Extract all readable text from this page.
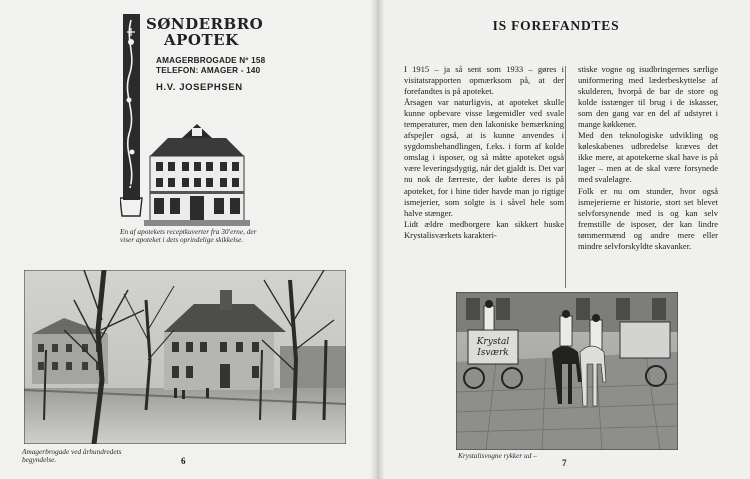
SØNDERBRO
APOTEK
AMAGERBROGADE Nº 158
TELEFON: AMAGER - 140
H.V. JOSEPHSEN
· · · ·
En af apotekets receptkuverter fra 30'erne, der viser apoteket i dets oprindelige skikkelse.
Amagerbrogade ved århundredets begyndelse.	6
IS FOREFANDTES

I 1915 – ja så sent som 1933 – gøres i visitatsrapporten opmærksom på, at der forefandtes is på apoteket.

Årsagen var naturligvis, at apoteket skulle kunne opbevare visse lægemidler ved svale temperaturer, men den lakoniske bemærkning afspejler også, at is kunne anvendes i sygdomsbehandlingen, f.eks. i form af kolde omslag i isposer, og så måtte apoteket også være leveringsdygtig, når det gjaldt is. Det var nu nok de færreste, der købte deres is på apoteket, for i hine tider havde man jo rigtige ismejerier, som solgte is i såvel hele som halve stænger.

Lidt ældre medborgere kan sikkert huske Krystalisværkets karakteri-

stiske vogne og isudbringernes særlige uniformering med læderbeskyttelse af skulderen, hvorpå de bar de store og kolde isstænger til brug i de iskasser, som den gang var en del af udstyret i mange køkkener.

Med den teknologiske udvikling og køleskabenes udbredelse kræves det ikke mere, at apotekerne skal have is på lager – men at de skal være forsynede med svalelagre.

Folk er nu om stunder, hvor også ismejerierne er historie, stort set blevet selvforsynende med is og kan selv fremstille de isposer, der kan lindre tømmermænd og andre mere eller mindre selvforskyldte skavanker.

Krystal
Isværk
Krystalisvogne rykker ud –
7
